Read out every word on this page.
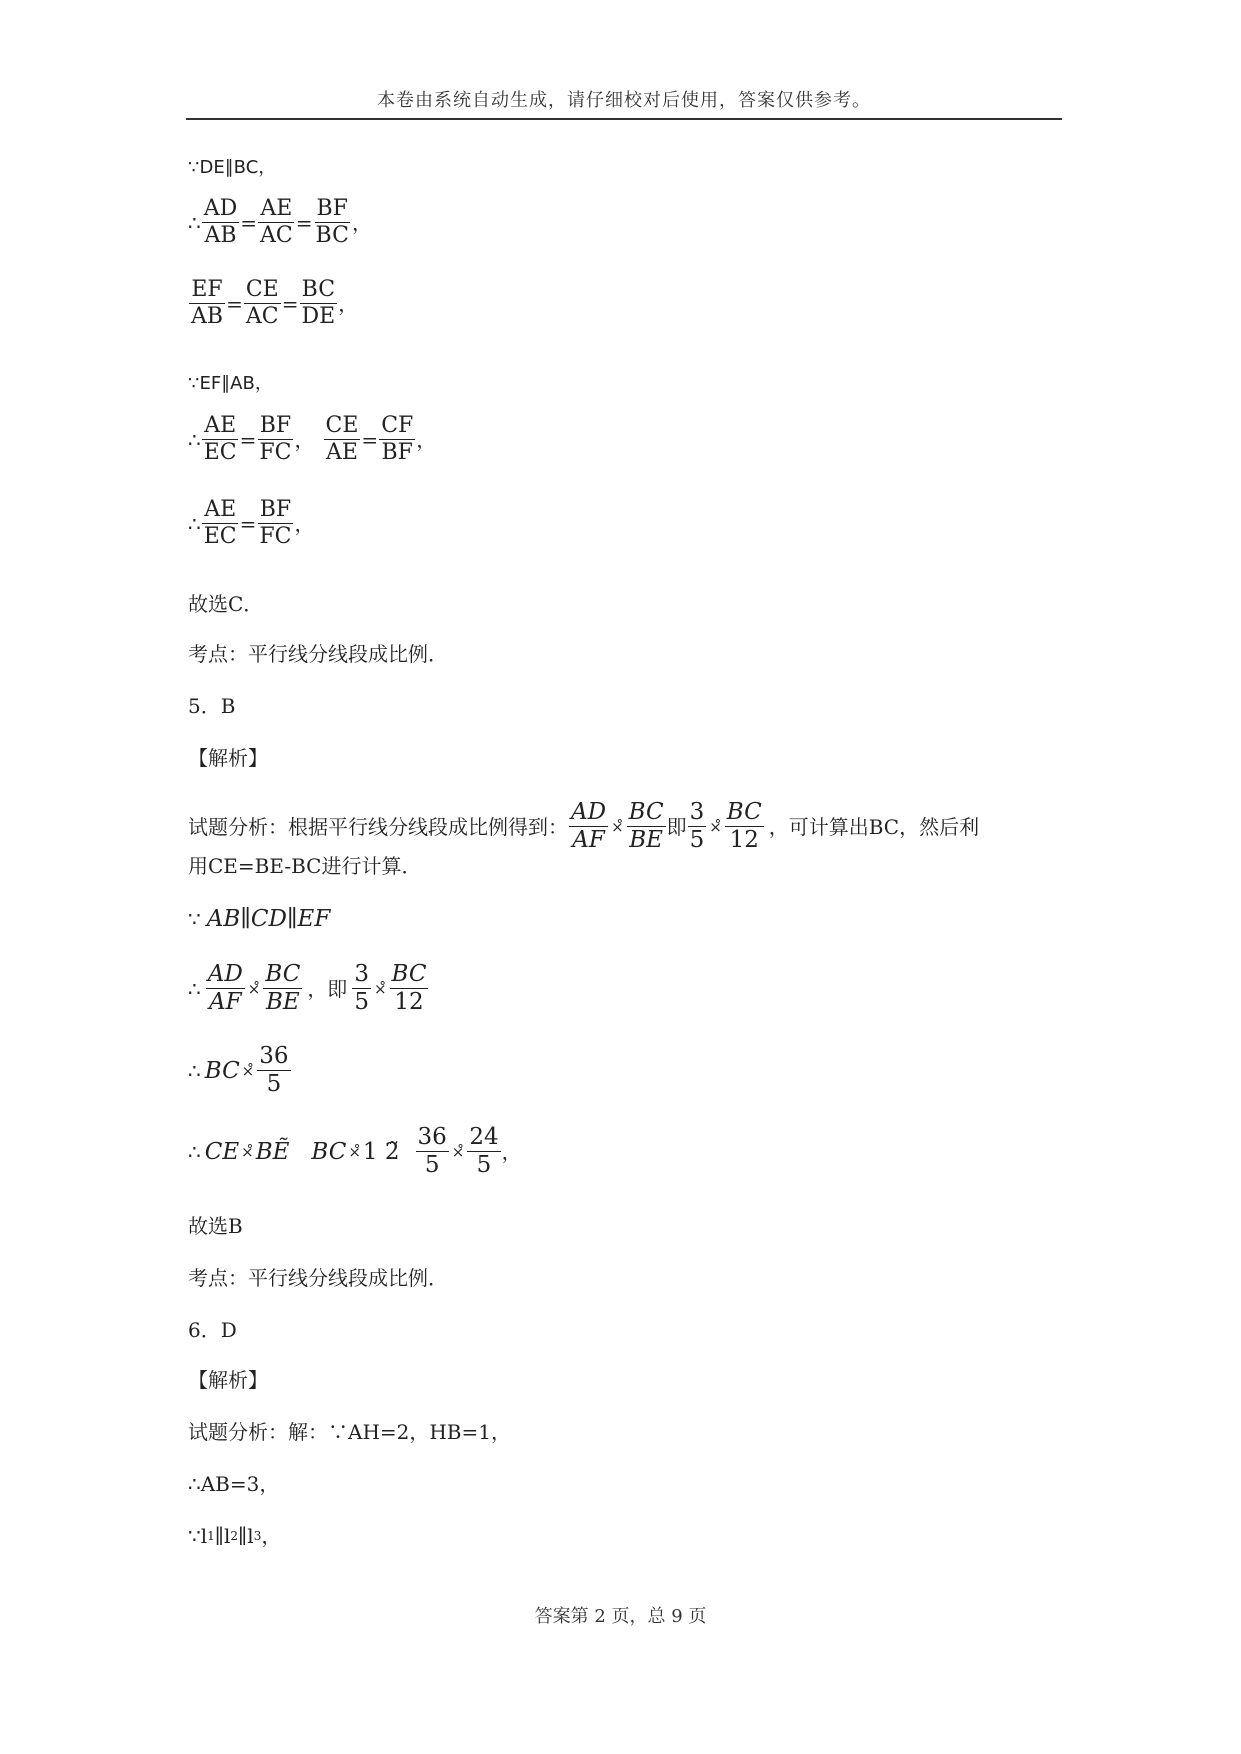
本卷由系统自动生成，请仔细校对后使用，答案仅供参考。
∵DE∥BC，
∴ $\frac{AD}{AB} = \frac{AE}{AC} = \frac{BF}{BC}$ ，
$\frac{EF}{AB} = \frac{CE}{AC} = \frac{BC}{DE}$ ，
∵EF∥AB，
∴ $\frac{AE}{EC} = \frac{BF}{FC}$ ， $\frac{CE}{AE} = \frac{CF}{BF}$ ，
∴ $\frac{AE}{EC} = \frac{BF}{FC}$ ，
故选C．
考点：平行线分线段成比例．
5．B
【解析】
试题分析：根据平行线分线段成比例得到： $\frac{AD}{AF}$ ×̊ $\frac{BC}{BE}$ 即 $\frac{3}{5}$ ×̊ $\frac{BC}{12}$ ，可计算出BC，然后利
用CE=BE-BC进行计算．
∵ AB∥CD∥EF
∴ $\frac{AD}{AF}$ ×̊ $\frac{BC}{BE}$ ，即 $\frac{3}{5}$ ×̊ $\frac{BC}{12}$
∴ BC ×̊ $\frac{36}{5}$
∴ CE ×̊ BẼ BC ×̊ 1 2̃ $\frac{36}{5}$ ×̊ $\frac{24}{5}$ ，
故选B
考点：平行线分线段成比例．
6．D
【解析】
试题分析：解：∵AH=2，HB=1，
∴AB=3，
∵l 1 ∥l 2 ∥l 3 ，
答案第 2 页，总 9 页
